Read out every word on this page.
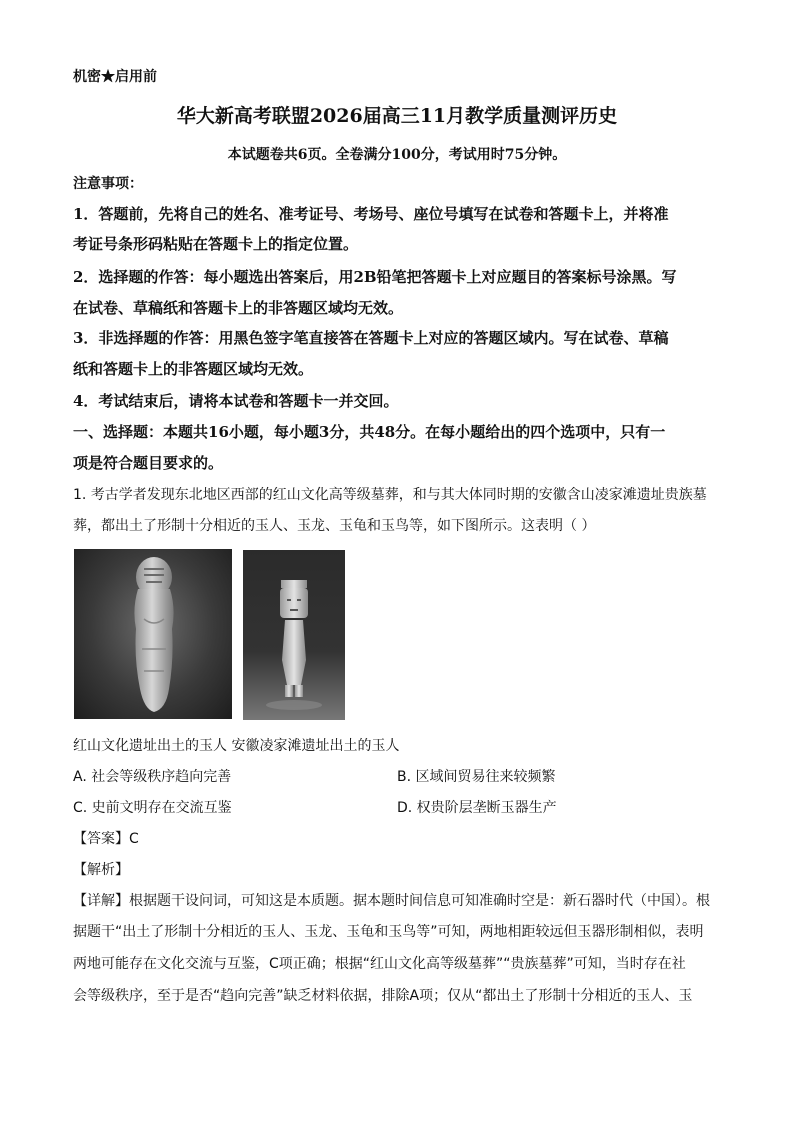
机密★启用前
华大新高考联盟2026届高三11月教学质量测评历史
本试题卷共6页。全卷满分100分，考试用时75分钟。
注意事项：
1．答题前，先将自己的姓名、准考证号、考场号、座位号填写在试卷和答题卡上，并将准
考证号条形码粘贴在答题卡上的指定位置。
2．选择题的作答：每小题选出答案后，用2B铅笔把答题卡上对应题目的答案标号涂黑。写
在试卷、草稿纸和答题卡上的非答题区域均无效。
3．非选择题的作答：用黑色签字笔直接答在答题卡上对应的答题区域内。写在试卷、草稿
纸和答题卡上的非答题区域均无效。
4．考试结束后，请将本试卷和答题卡一并交回。
一、选择题：本题共16小题，每小题3分，共48分。在每小题给出的四个选项中，只有一
项是符合题目要求的。
1. 考古学者发现东北地区西部的红山文化高等级墓葬，和与其大体同时期的安徽含山凌家滩遗址贵族墓
葬，都出土了形制十分相近的玉人、玉龙、玉龟和玉鸟等，如下图所示。这表明（ ）
红山文化遗址出土的玉人 安徽凌家滩遗址出土的玉人
A. 社会等级秩序趋向完善	B. 区域间贸易往来较频繁
C. 史前文明存在交流互鉴	D. 权贵阶层垄断玉器生产
【答案】C
【解析】
【详解】根据题干设问词，可知这是本质题。据本题时间信息可知准确时空是：新石器时代（中国）。根
据题干“出土了形制十分相近的玉人、玉龙、玉龟和玉鸟等”可知，两地相距较远但玉器形制相似，表明
两地可能存在文化交流与互鉴，C项正确；根据“红山文化高等级墓葬”“贵族墓葬”可知，当时存在社
会等级秩序，至于是否“趋向完善”缺乏材料依据，排除A项；仅从“都出土了形制十分相近的玉人、玉
